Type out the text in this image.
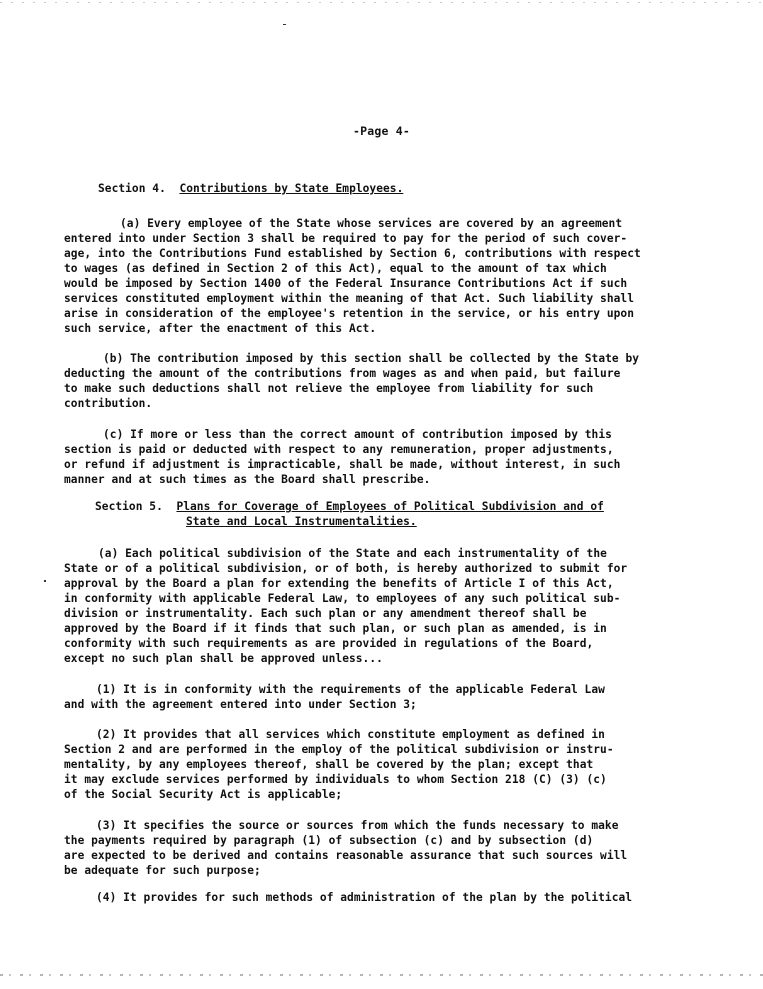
-Page 4-
Section 4. Contributions by State Employees.
(a) Every employee of the State whose services are covered by an agreement
entered into under Section 3 shall be required to pay for the period of such cover-
age, into the Contributions Fund established by Section 6, contributions with respect
to wages (as defined in Section 2 of this Act), equal to the amount of tax which
would be imposed by Section 1400 of the Federal Insurance Contributions Act if such
services constituted employment within the meaning of that Act. Such liability shall
arise in consideration of the employee's retention in the service, or his entry upon
such service, after the enactment of this Act.
(b) The contribution imposed by this section shall be collected by the State by
deducting the amount of the contributions from wages as and when paid, but failure
to make such deductions shall not relieve the employee from liability for such
contribution.
(c) If more or less than the correct amount of contribution imposed by this
section is paid or deducted with respect to any remuneration, proper adjustments,
or refund if adjustment is impracticable, shall be made, without interest, in such
manner and at such times as the Board shall prescribe.
Section 5. Plans for Coverage of Employees of Political Subdivision and of
State and Local Instrumentalities.
(a) Each political subdivision of the State and each instrumentality of the
State or of a political subdivision, or of both, is hereby authorized to submit for
approval by the Board a plan for extending the benefits of Article I of this Act,
in conformity with applicable Federal Law, to employees of any such political sub-
division or instrumentality. Each such plan or any amendment thereof shall be
approved by the Board if it finds that such plan, or such plan as amended, is in
conformity with such requirements as are provided in regulations of the Board,
except no such plan shall be approved unless...
(1) It is in conformity with the requirements of the applicable Federal Law
and with the agreement entered into under Section 3;
(2) It provides that all services which constitute employment as defined in
Section 2 and are performed in the employ of the political subdivision or instru-
mentality, by any employees thereof, shall be covered by the plan; except that
it may exclude services performed by individuals to whom Section 218 (C) (3) (c)
of the Social Security Act is applicable;
(3) It specifies the source or sources from which the funds necessary to make
the payments required by paragraph (1) of subsection (c) and by subsection (d)
are expected to be derived and contains reasonable assurance that such sources will
be adequate for such purpose;
(4) It provides for such methods of administration of the plan by the political
